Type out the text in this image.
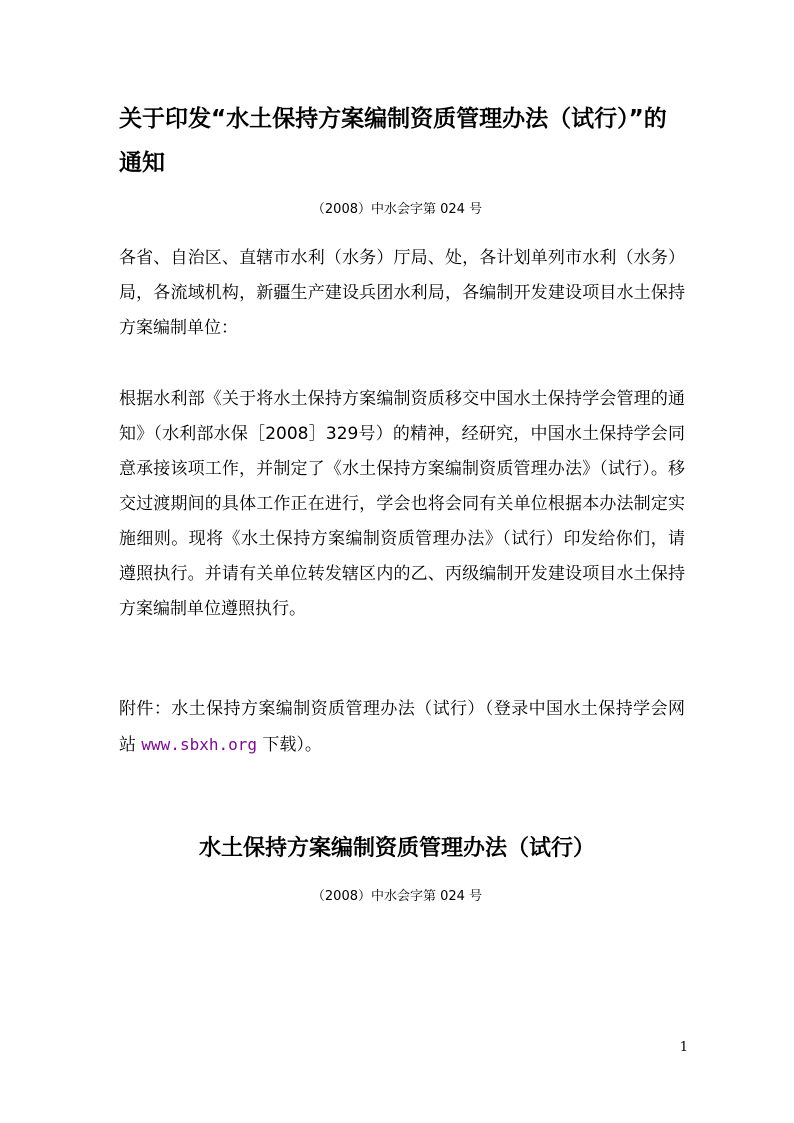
关于印发“水土保持方案编制资质管理办法（试行）”的通知
（2008）中水会字第 024 号

各省、自治区、直辖市水利（水务）厅局、处，各计划单列市水利（水务）局，各流域机构，新疆生产建设兵团水利局，各编制开发建设项目水土保持方案编制单位：

根据水利部《关于将水土保持方案编制资质移交中国水土保持学会管理的通知》（水利部水保［2008］329号）的精神，经研究，中国水土保持学会同意承接该项工作，并制定了《水土保持方案编制资质管理办法》（试行）。移交过渡期间的具体工作正在进行，学会也将会同有关单位根据本办法制定实施细则。现将《水土保持方案编制资质管理办法》（试行）印发给你们，请遵照执行。并请有关单位转发辖区内的乙、丙级编制开发建设项目水土保持方案编制单位遵照执行。

附件：水土保持方案编制资质管理办法（试行）（登录中国水土保持学会网站 www.sbxh.org 下载）。

水土保持方案编制资质管理办法（试行）
（2008）中水会字第 024 号
1
